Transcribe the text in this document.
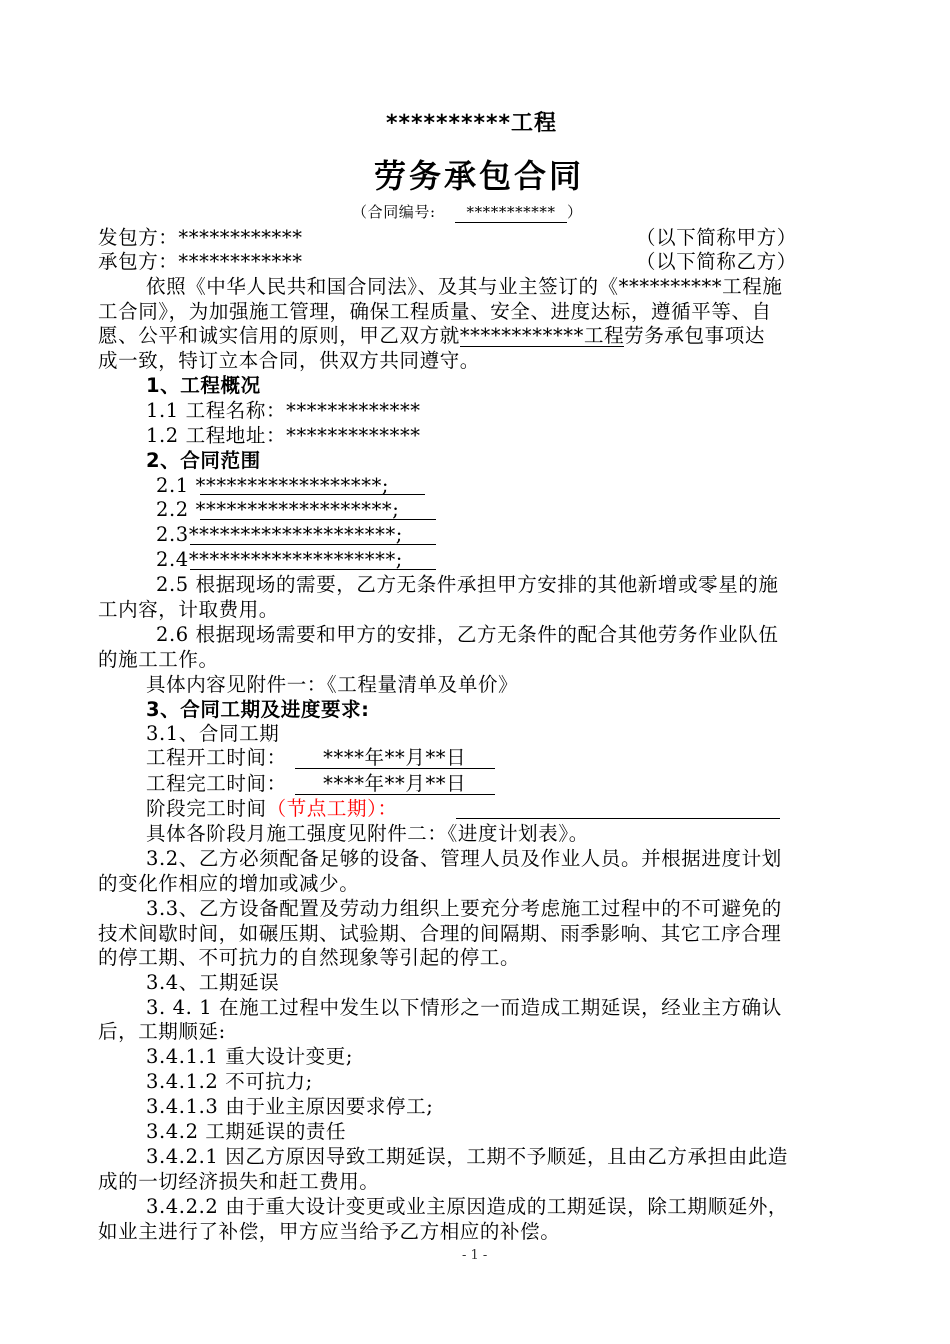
**********工程
劳务承包合同
（合同编号: *********** ）
发包方：************	（以下简称甲方）
承包方：************	（以下简称乙方）
依照《中华人民共和国合同法》、及其与业主签订的《**********工程施
工合同》，为加强施工管理，确保工程质量、安全、进度达标，遵循平等、自
愿、公平和诚实信用的原则，甲乙双方就************工程劳务承包事项达
成一致，特订立本合同，供双方共同遵守。
1、工程概况
1.1 工程名称：*************
1.2 工程地址：*************
2、合同范围
2.1 ******************;
2.2 *******************;
2.3********************;
2.4********************;
2.5 根据现场的需要，乙方无条件承担甲方安排的其他新增或零星的施
工内容，计取费用。
2.6 根据现场需要和甲方的安排，乙方无条件的配合其他劳务作业队伍
的施工工作。
具体内容见附件一：《工程量清单及单价》
3、合同工期及进度要求:
3.1、合同工期
工程开工时间： ****年**月**日
工程完工时间： ****年**月**日
阶段完工时间（节点工期）：
具体各阶段月施工强度见附件二：《进度计划表》。
3.2、乙方必须配备足够的设备、管理人员及作业人员。并根据进度计划
的变化作相应的增加或减少。
3.3、乙方设备配置及劳动力组织上要充分考虑施工过程中的不可避免的
技术间歇时间，如碾压期、试验期、合理的间隔期、雨季影响、其它工序合理
的停工期、不可抗力的自然现象等引起的停工。
3.4、工期延误
3. 4. 1 在施工过程中发生以下情形之一而造成工期延误，经业主方确认
后，工期顺延:
3.4.1.1 重大设计变更;
3.4.1.2 不可抗力;
3.4.1.3 由于业主原因要求停工;
3.4.2 工期延误的责任
3.4.2.1 因乙方原因导致工期延误，工期不予顺延，且由乙方承担由此造
成的一切经济损失和赶工费用。
3.4.2.2 由于重大设计变更或业主原因造成的工期延误，除工期顺延外，
如业主进行了补偿，甲方应当给予乙方相应的补偿。
- 1 -
